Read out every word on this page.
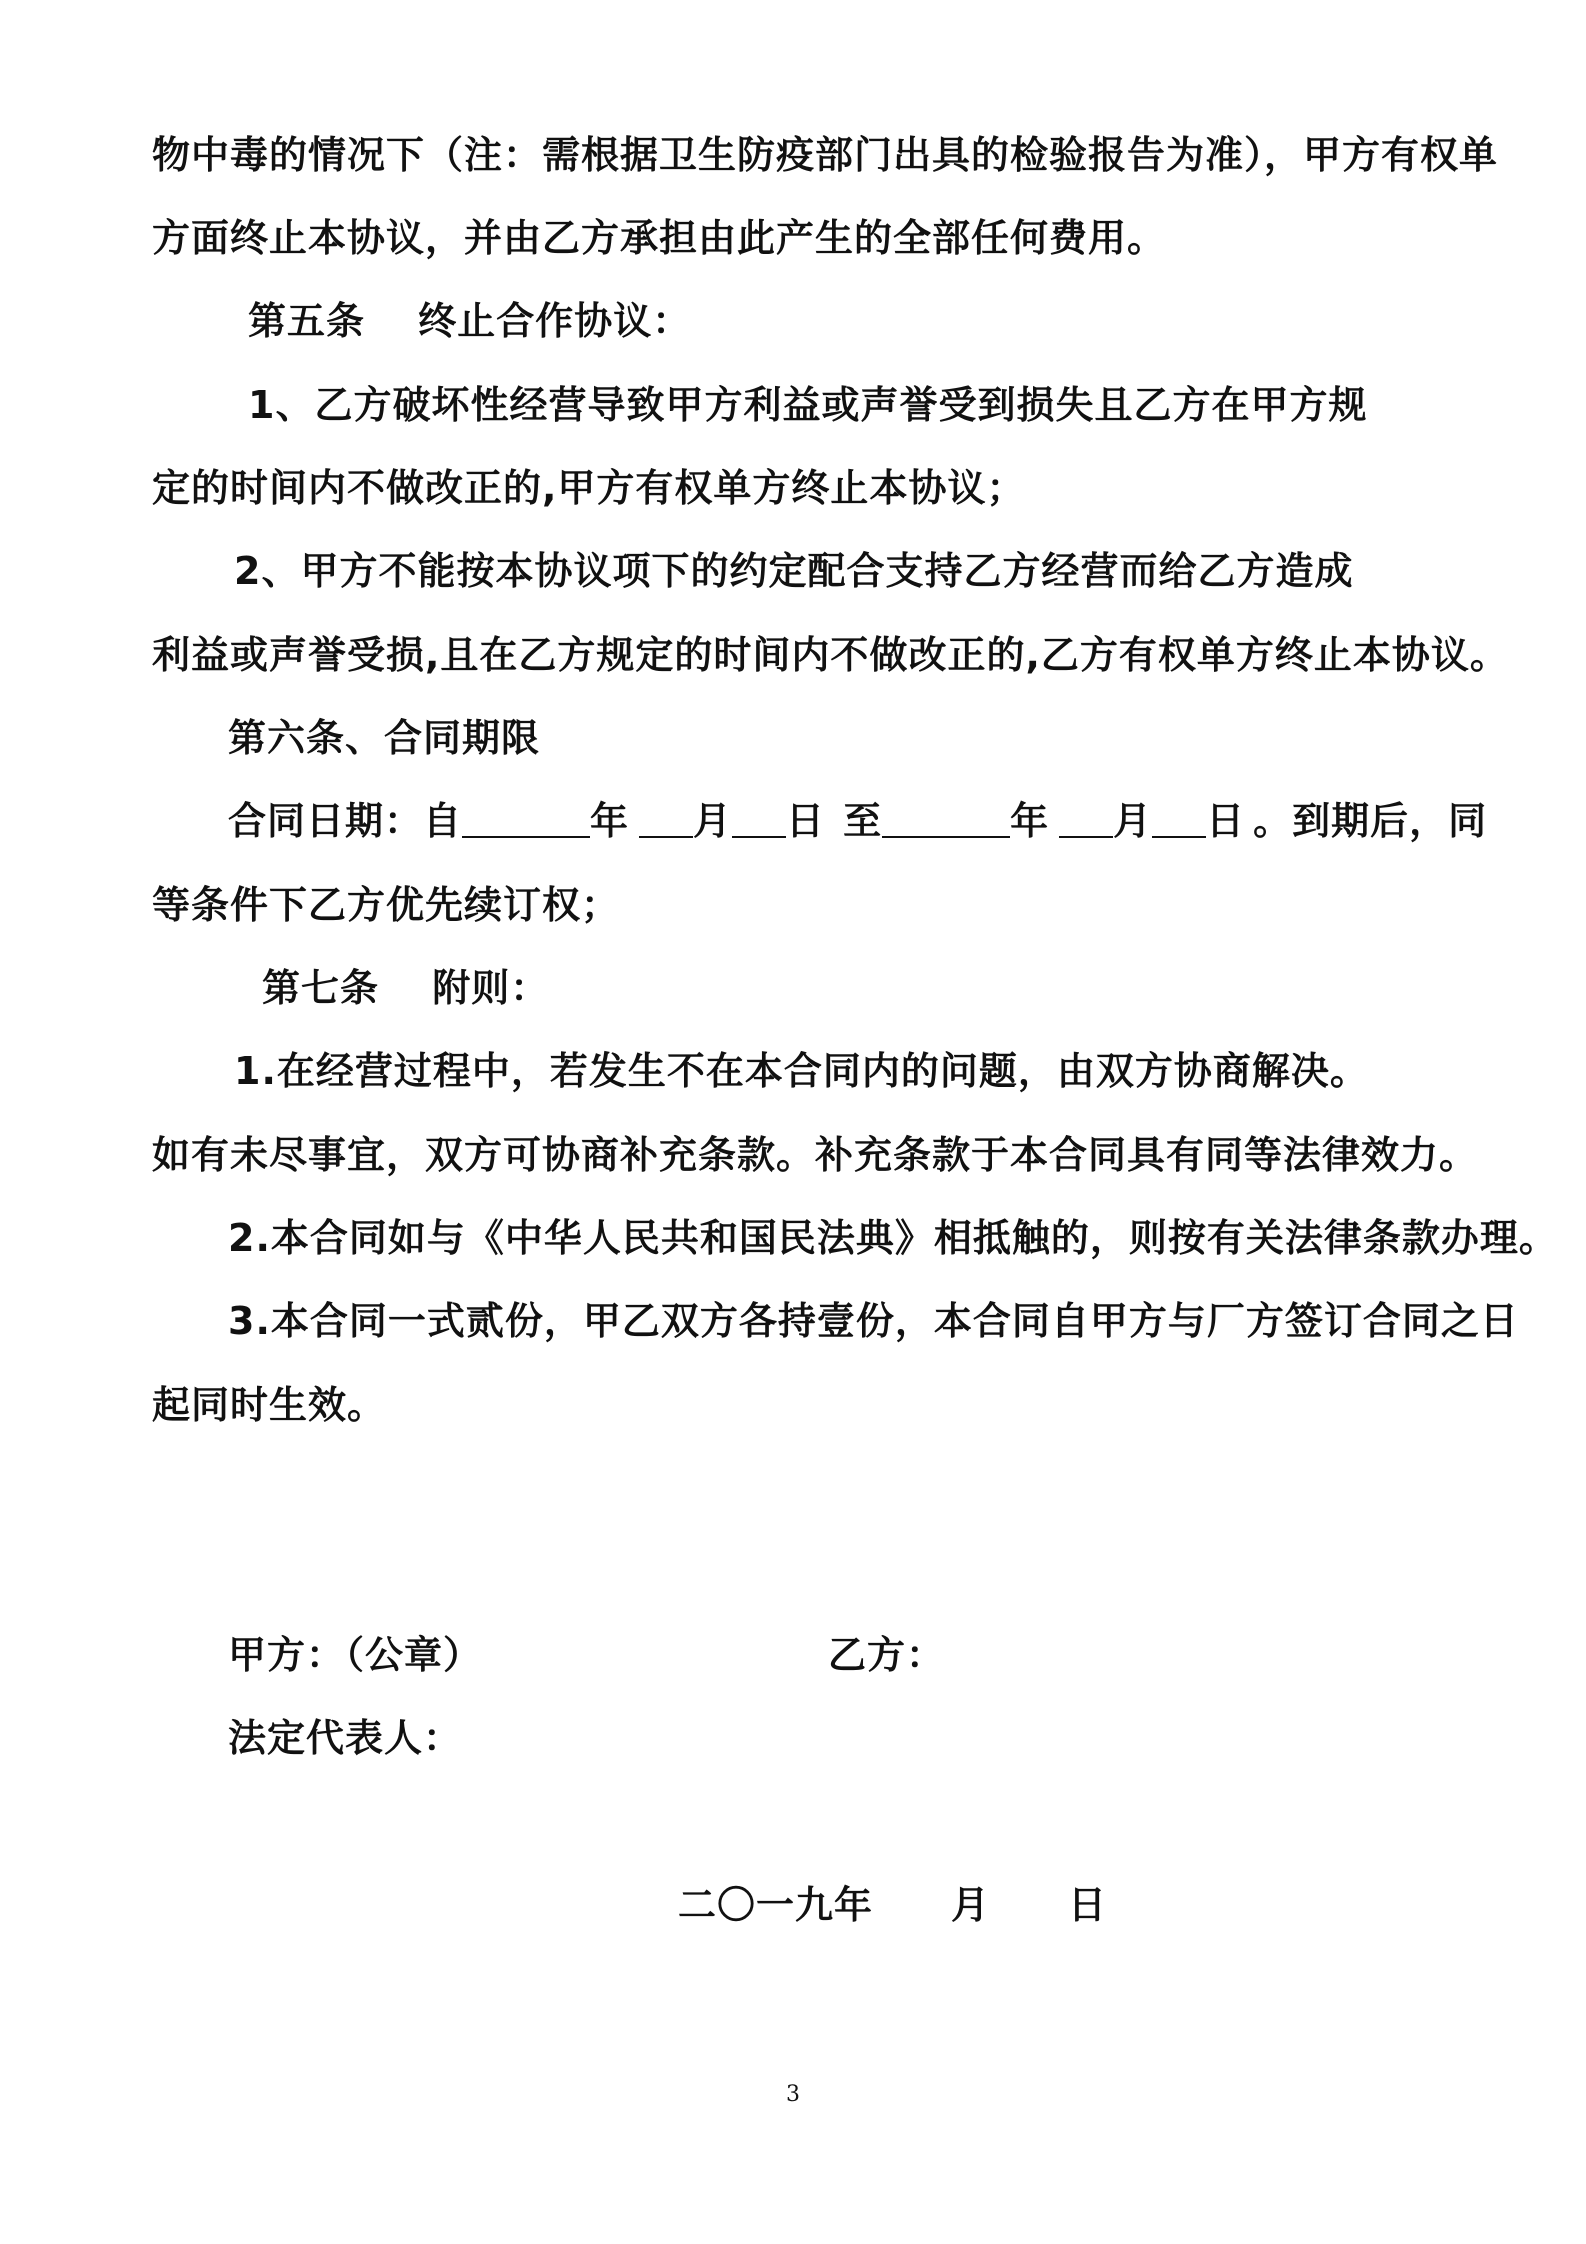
物中毒的情况下（注：需根据卫生防疫部门出具的检验报告为准），甲方有权单
方面终止本协议，并由乙方承担由此产生的全部任何费用。
第五条　 终止合作协议：
1、乙方破坏性经营导致甲方利益或声誉受到损失且乙方在甲方规
定的时间内不做改正的,甲方有权单方终止本协议；
2、甲方不能按本协议项下的约定配合支持乙方经营而给乙方造成
利益或声誉受损,且在乙方规定的时间内不做改正的,乙方有权单方终止本协议。
第六条、合同期限
合同日期：自	年 月 日 至	年 月 日 。到期后，同
等条件下乙方优先续订权；
第七条　 附则：
1.在经营过程中，若发生不在本合同内的问题，由双方协商解决。
如有未尽事宜，双方可协商补充条款。补充条款于本合同具有同等法律效力。
2.本合同如与《中华人民共和国民法典》相抵触的，则按有关法律条款办理。
3.本合同一式贰份，甲乙双方各持壹份，本合同自甲方与厂方签订合同之日
起同时生效。
甲方：（公章）	乙方：
法定代表人：
二〇一九年　　月　　日
3
